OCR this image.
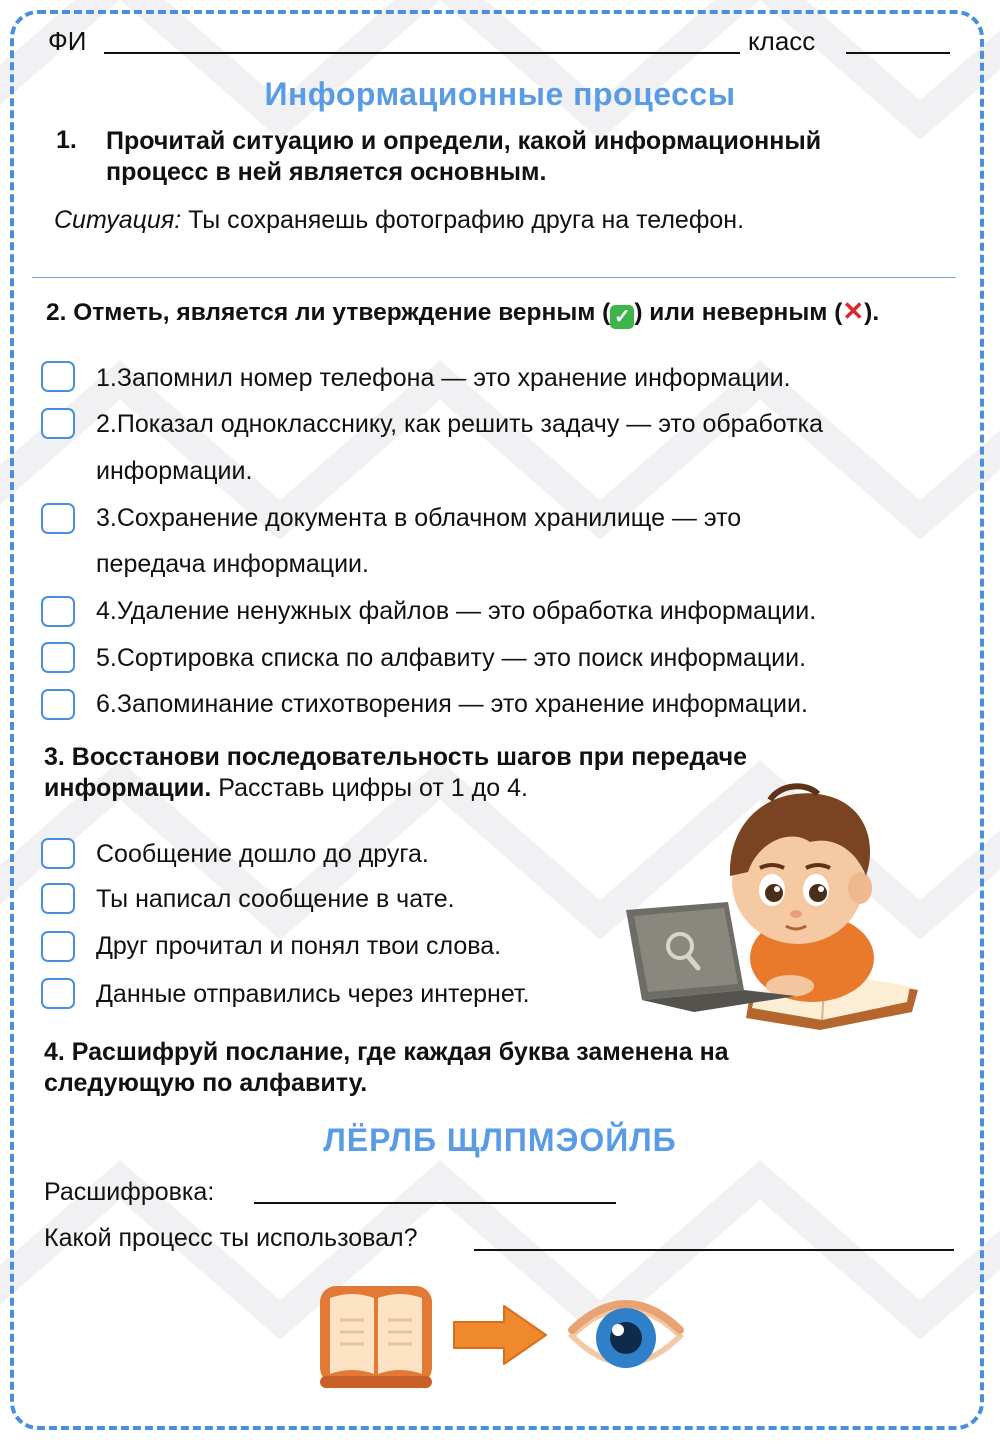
ФИ	класс
Информационные процессы
1. Прочитай ситуацию и определи, какой информационный процесс в ней является основным.
Ситуация: Ты сохраняешь фотографию друга на телефон.
2. Отметь, является ли утверждение верным ( ✓ ) или неверным (✕).
1.Запомнил номер телефона — это хранение информации.
2.Показал однокласснику, как решить задачу — это обработка
информации.
3.Сохранение документа в облачном хранилище — это
передача информации.
4.Удаление ненужных файлов — это обработка информации.
5.Сортировка списка по алфавиту — это поиск информации.
6.Запоминание стихотворения — это хранение информации.
3. Восстанови последовательность шагов при передаче информации. Расставь цифры от 1 до 4.
Сообщение дошло до друга.
Ты написал сообщение в чате.
Друг прочитал и понял твои слова.
Данные отправились через интернет.
4. Расшифруй послание, где каждая буква заменена на следующую по алфавиту.
ЛЁРЛБ ЩЛПМЭОЙЛБ
Расшифровка:
Какой процесс ты использовал?
